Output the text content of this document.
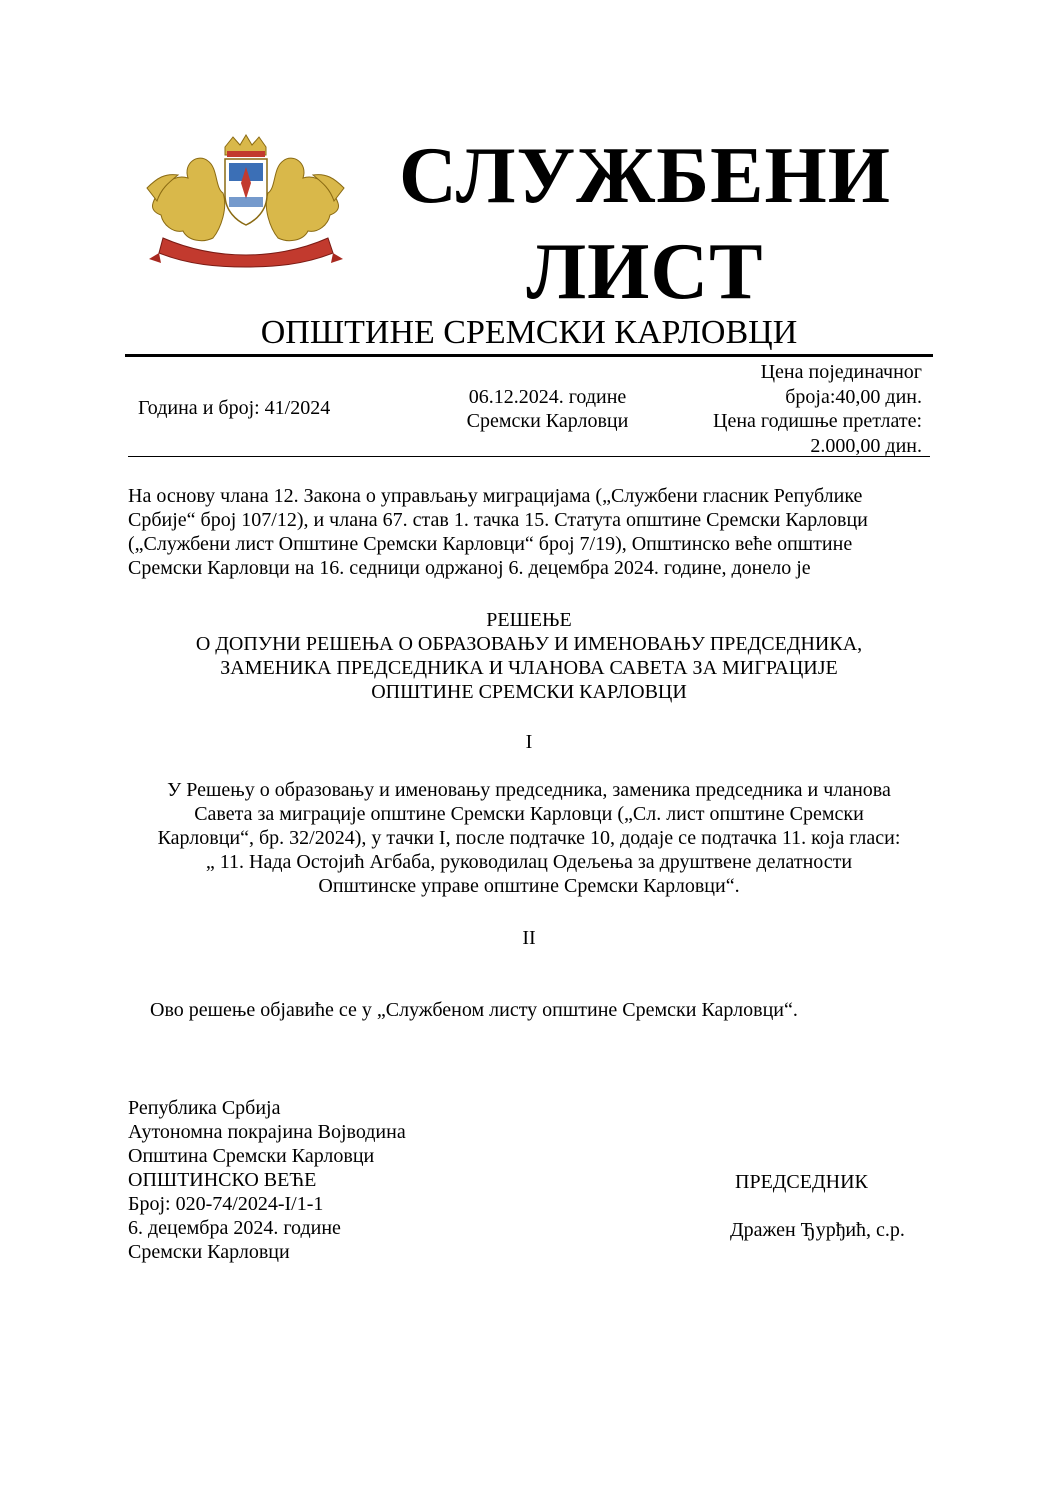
СЛУЖБЕНИ
ЛИСТ
ОПШТИНЕ СРЕМСКИ КАРЛОВЦИ
Година и број: 41/2024	06.12.2024. године
Сремски Карловци
Цена појединачног
броја:40,00 дин.
Цена годишње претлате:
2.000,00 дин.
На основу члана 12. Закона о управљању миграцијама („Службени гласник Републике
Србије“ број 107/12), и члана 67. став 1. тачка 15. Статута општине Сремски Карловци
(„Службени лист Општине Сремски Карловци“ број 7/19), Општинско веће општине
Сремски Карловци на 16. седници одржаној 6. децембра 2024. године, донело је
РЕШЕЊЕ
О ДОПУНИ РЕШЕЊА О ОБРАЗОВАЊУ И ИМЕНОВАЊУ ПРЕДСЕДНИКА,
ЗАМЕНИКА ПРЕДСЕДНИКА И ЧЛАНОВА САВЕТА ЗА МИГРАЦИЈЕ
ОПШТИНЕ СРЕМСКИ КАРЛОВЦИ
I
У Решењу о образовању и именовању председника, заменика председника и чланова
Савета за миграције општине Сремски Карловци („Сл. лист општине Сремски
Карловци“, бр. 32/2024), у тачки I, после подтачке 10, додаје се подтачка 11. која гласи:
„ 11. Нада Остојић Агбаба, руководилац Одељења за друштвене делатности
Општинске управе општине Сремски Карловци“.
II
Ово решење објавиће се у „Службеном листу општине Сремски Карловци“.
Република Србија
Аутономна покрајина Војводина
Општина Сремски Карловци
ОПШТИНСКО ВЕЋЕ
Број: 020-74/2024-I/1-1
6. децембра 2024. године
Сремски Карловци
ПРЕДСЕДНИК
Дражен Ђурђић, с.р.
